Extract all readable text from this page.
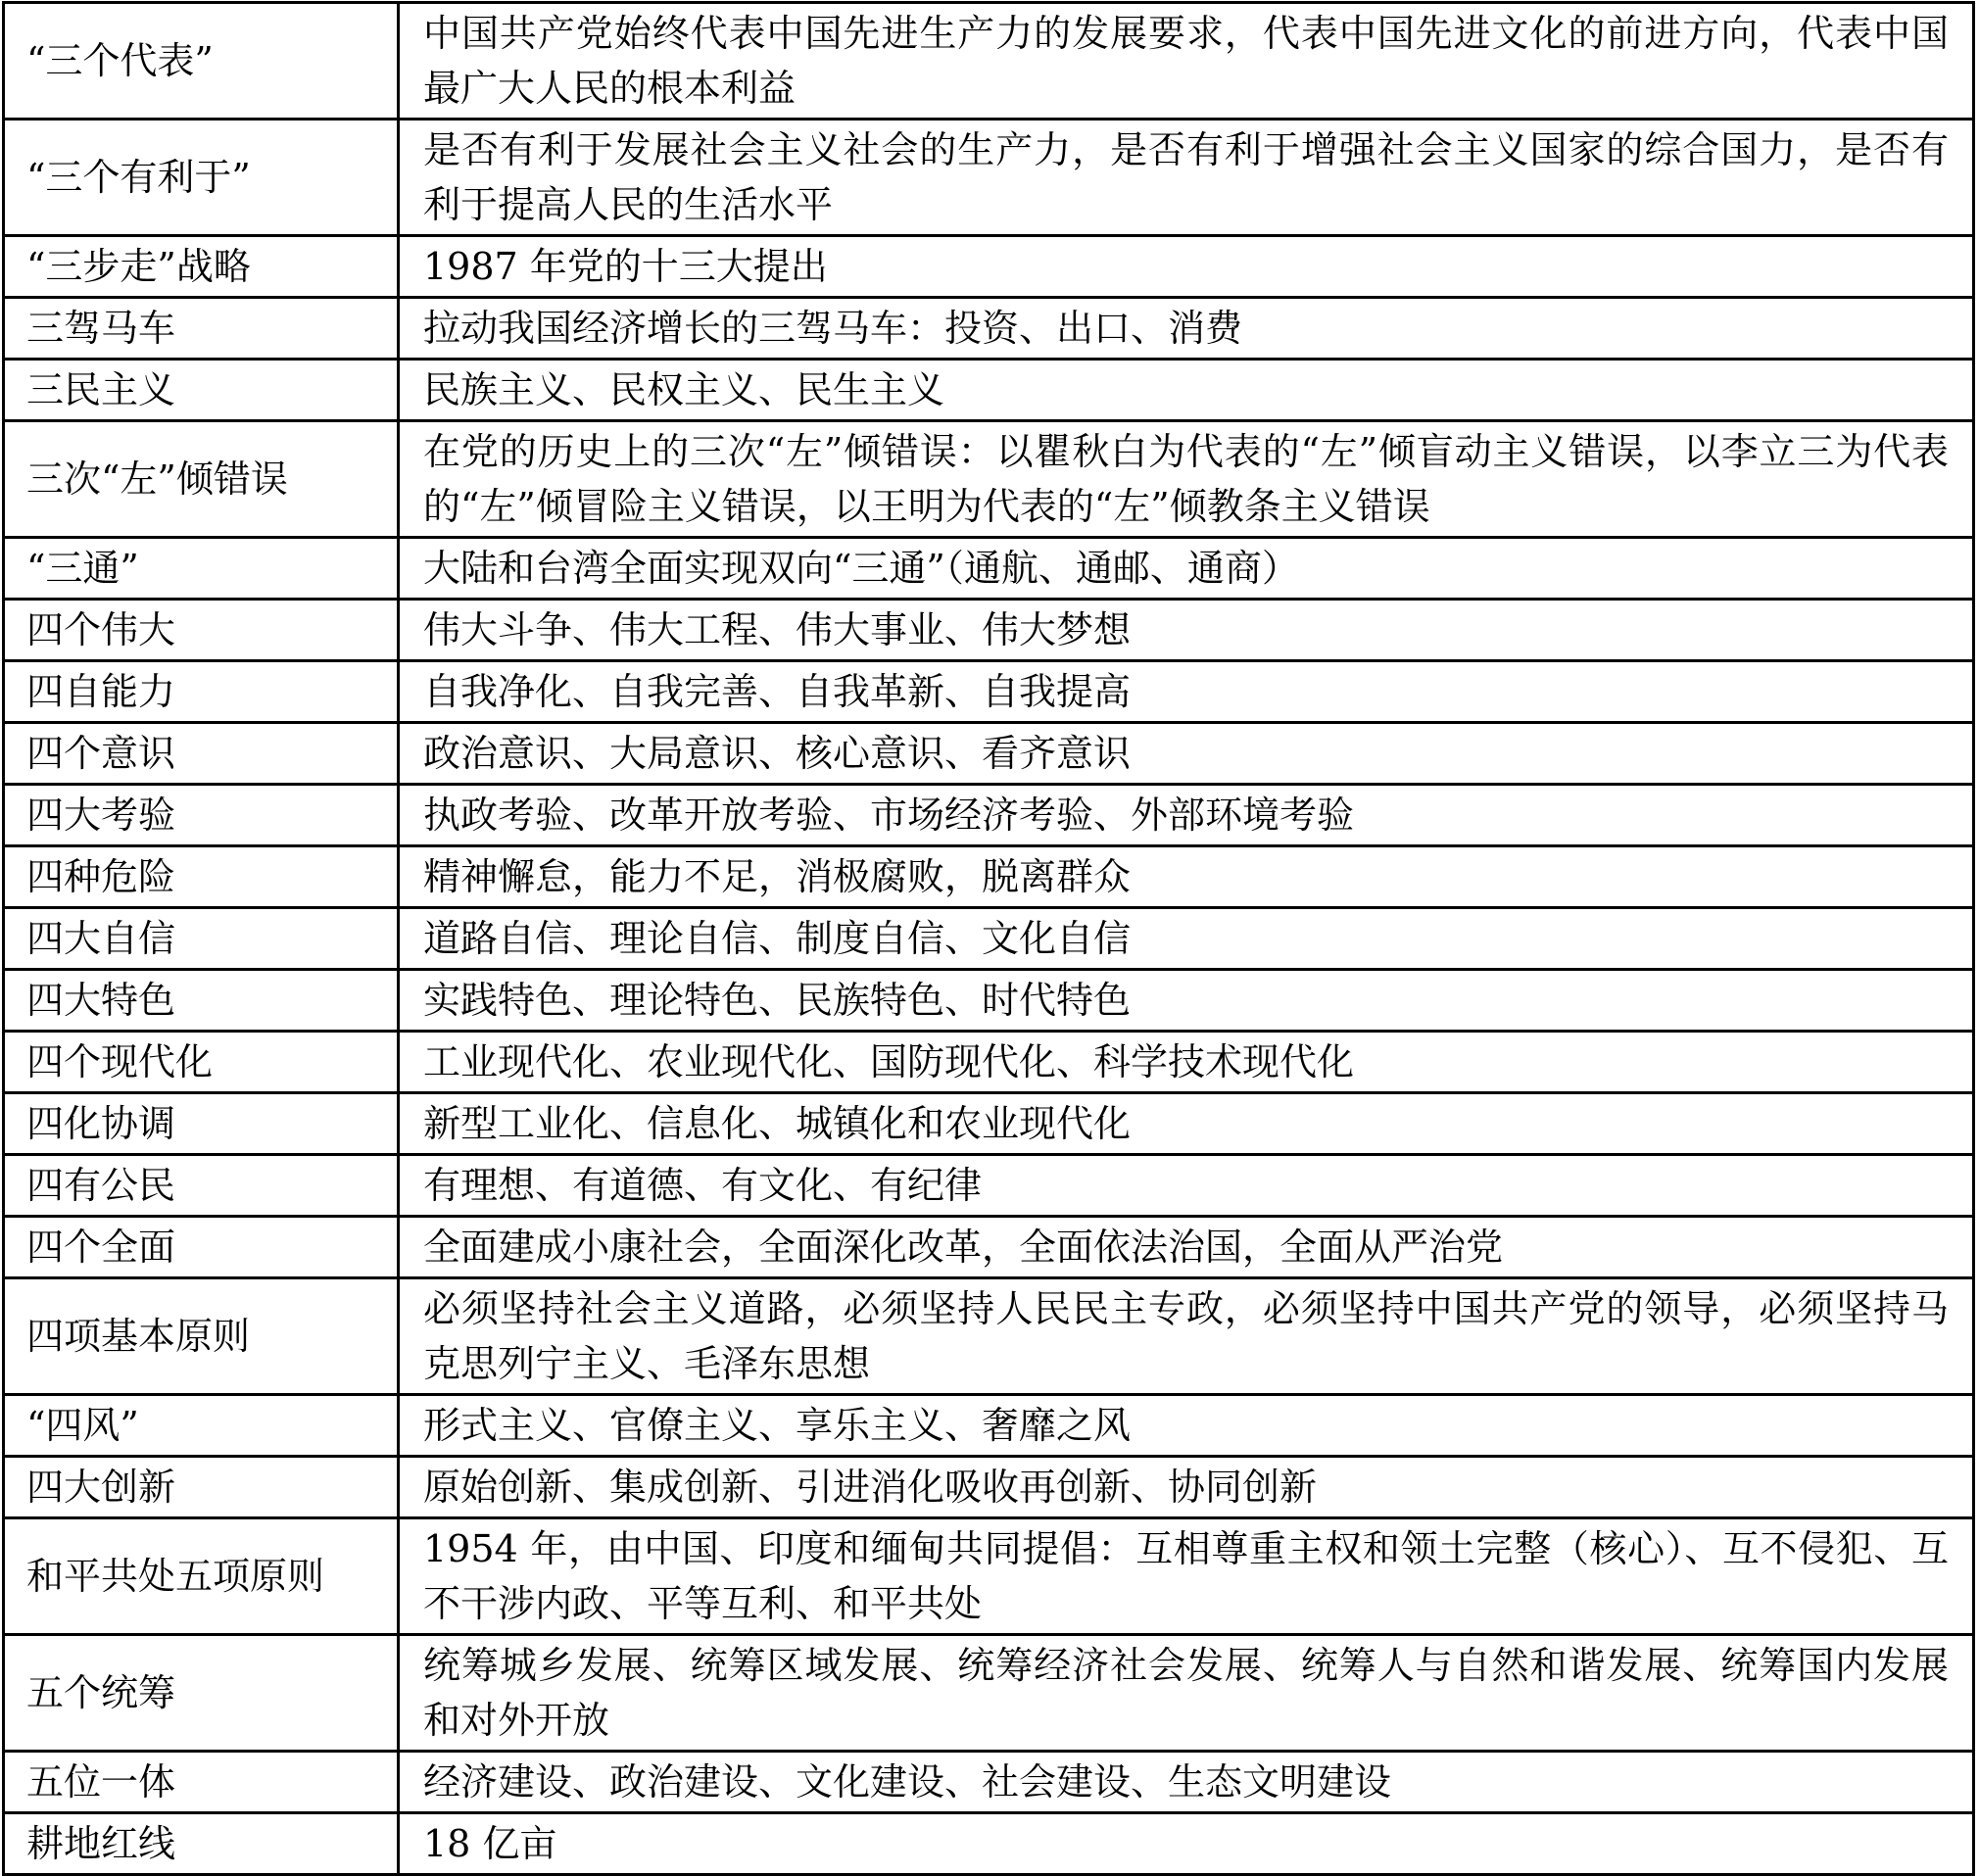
“三个代表”	中国共产党始终代表中国先进生产力的发展要求，代表中国先进文化的前进方向，代表中国最广大人民的根本利益
“三个有利于”	是否有利于发展社会主义社会的生产力，是否有利于增强社会主义国家的综合国力，是否有利于提高人民的生活水平
“三步走”战略	1987 年党的十三大提出
三驾马车	拉动我国经济增长的三驾马车：投资、出口、消费
三民主义	民族主义、民权主义、民生主义
三次“左”倾错误	在党的历史上的三次“左”倾错误：以瞿秋白为代表的“左”倾盲动主义错误，以李立三为代表的“左”倾冒险主义错误，以王明为代表的“左”倾教条主义错误
“三通”	大陆和台湾全面实现双向“三通”（通航、通邮、通商）
四个伟大	伟大斗争、伟大工程、伟大事业、伟大梦想
四自能力	自我净化、自我完善、自我革新、自我提高
四个意识	政治意识、大局意识、核心意识、看齐意识
四大考验	执政考验、改革开放考验、市场经济考验、外部环境考验
四种危险	精神懈怠，能力不足，消极腐败，脱离群众
四大自信	道路自信、理论自信、制度自信、文化自信
四大特色	实践特色、理论特色、民族特色、时代特色
四个现代化	工业现代化、农业现代化、国防现代化、科学技术现代化
四化协调	新型工业化、信息化、城镇化和农业现代化
四有公民	有理想、有道德、有文化、有纪律
四个全面	全面建成小康社会，全面深化改革，全面依法治国，全面从严治党
四项基本原则	必须坚持社会主义道路，必须坚持人民民主专政，必须坚持中国共产党的领导，必须坚持马克思列宁主义、毛泽东思想
“四风”	形式主义、官僚主义、享乐主义、奢靡之风
四大创新	原始创新、集成创新、引进消化吸收再创新、协同创新
和平共处五项原则	1954 年，由中国、印度和缅甸共同提倡：互相尊重主权和领土完整（核心）、互不侵犯、互不干涉内政、平等互利、和平共处
五个统筹	统筹城乡发展、统筹区域发展、统筹经济社会发展、统筹人与自然和谐发展、统筹国内发展和对外开放
五位一体	经济建设、政治建设、文化建设、社会建设、生态文明建设
耕地红线	18 亿亩
